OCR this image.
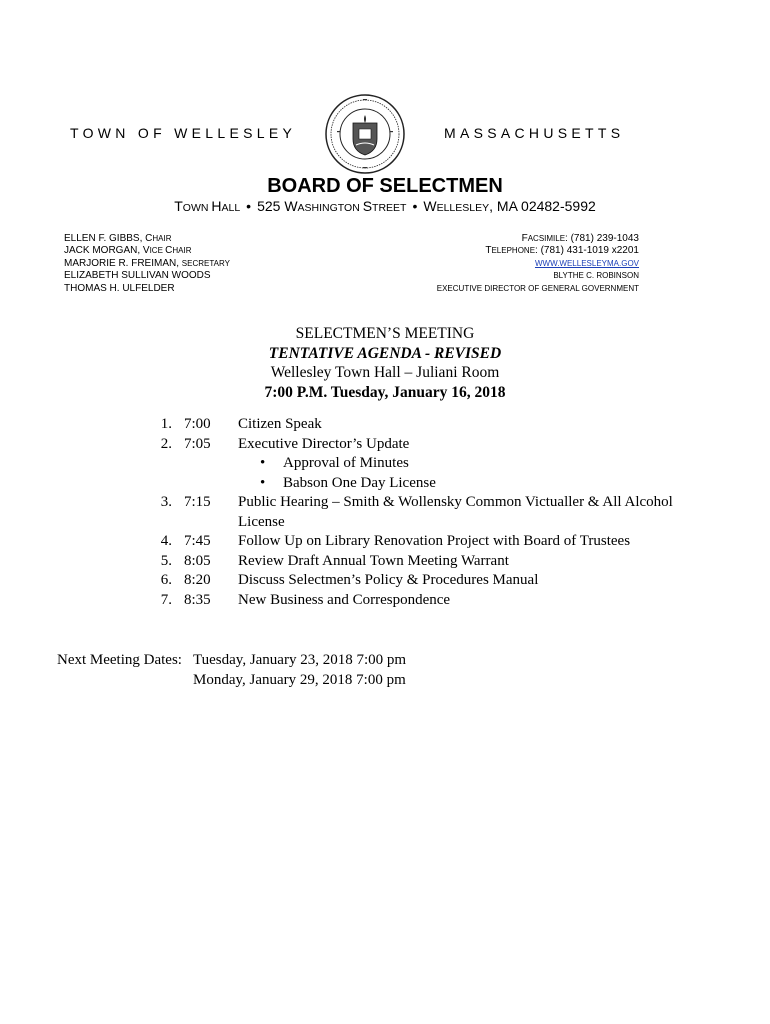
TOWN OF WELLESLEY	MASSACHUSETTS
BOARD OF SELECTMEN
TOWN HALL • 525 WASHINGTON STREET • WELLESLEY, MA 02482-5992
ELLEN F. GIBBS, CHAIR
JACK MORGAN, VICE CHAIR
MARJORIE R. FREIMAN, SECRETARY
ELIZABETH SULLIVAN WOODS
THOMAS H. ULFELDER
FACSIMILE: (781) 239-1043
TELEPHONE: (781) 431-1019 x2201
WWW.WELLESLEYMA.GOV
BLYTHE C. ROBINSON
EXECUTIVE DIRECTOR OF GENERAL GOVERNMENT
SELECTMEN’S MEETING
TENTATIVE AGENDA - REVISED
Wellesley Town Hall – Juliani Room
7:00 P.M. Tuesday, January 16, 2018
1. 7:00 Citizen Speak
2. 7:05 Executive Director’s Update
• Approval of Minutes
• Babson One Day License
3. 7:15 Public Hearing – Smith & Wollensky Common Victualler & All Alcohol
License
4. 7:45 Follow Up on Library Renovation Project with Board of Trustees
5. 8:05 Review Draft Annual Town Meeting Warrant
6. 8:20 Discuss Selectmen’s Policy & Procedures Manual
7. 8:35 New Business and Correspondence
Next Meeting Dates: Tuesday, January 23, 2018 7:00 pm
Monday, January 29, 2018 7:00 pm
